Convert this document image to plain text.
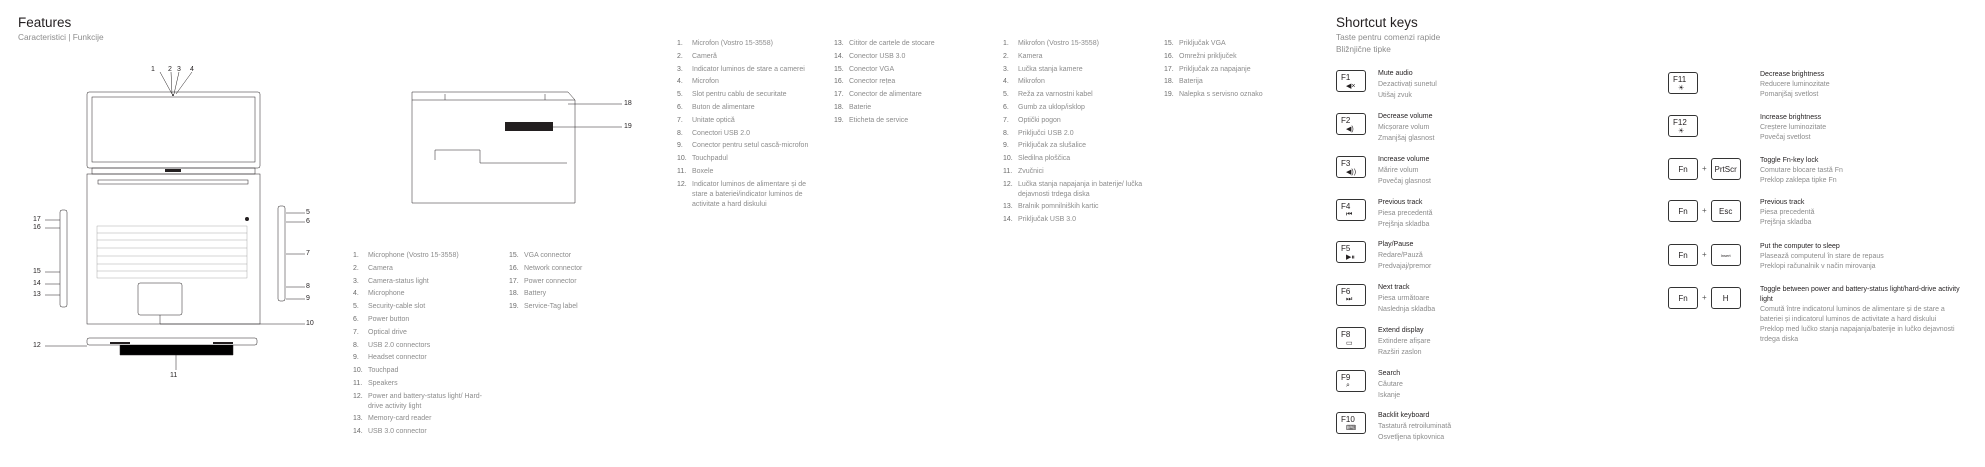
Features
Caracteristici | Funkcije
1 2 3 4
5
6
7
8
9
10
11
12
13
14
15
16
17
18
19
1.	Microphone (Vostro 15-3558)
2.	Camera
3.	Camera-status light
4.	Microphone
5.	Security-cable slot
6.	Power button
7.	Optical drive
8.	USB 2.0 connectors
9.	Headset connector
10. Touchpad
11. Speakers
12. Power and battery-status light/ Hard-drive activity light
13. Memory-card reader
14. USB 3.0 connector
15. VGA connector
16. Network connector
17. Power connector
18. Battery
19. Service-Tag label
1.	Microfon (Vostro 15-3558)
2.	Cameră
3.	Indicator luminos de stare a camerei
4.	Microfon
5.	Slot pentru cablu de securitate
6.	Buton de alimentare
7.	Unitate optică
8.	Conectori USB 2.0
9.	Conector pentru setul cască-microfon
10. Touchpadul
11. Boxele
12. Indicator luminos de alimentare și de stare a bateriei/indicator luminos de activitate a hard diskului
13. Cititor de cartele de stocare
14. Conector USB 3.0
15. Conector VGA
16. Conector rețea
17. Conector de alimentare
18. Baterie
19. Eticheta de service
1.	Mikrofon (Vostro 15-3558)
2.	Kamera
3.	Lučka stanja kamere
4.	Mikrofon
5.	Reža za varnostni kabel
6.	Gumb za uklop/isklop
7.	Optički pogon
8.	Priključci USB 2.0
9.	Priključak za slušalice
10. Sledilna ploščica
11. Zvučnici
12. Lučka stanja napajanja in baterije/ lučka dejavnosti trdega diska
13. Bralnik pomnilniških kartic
14. Priključak USB 3.0
15. Priključak VGA
16. Omrežni priključek
17. Priključak za napajanje
18. Baterija
19. Nalepka s servisno oznako
Shortcut keys
Taste pentru comenzi rapide
Bližnjične tipke
F1
◀×
Mute audio
Dezactivați sunetul
Utišaj zvuk
F2
◀)
Decrease volume
Micșorare volum
Zmanjšaj glasnost
F3
◀))
Increase volume
Mărire volum
Povečaj glasnost
F4
⏮
Previous track
Piesa precedentă
Prejšnja skladba
F5
▶⏸
Play/Pause
Redare/Pauză
Predvajaj/premor
F6
⏭
Next track
Piesa următoare
Naslednja skladba
F8
▭
Extend display
Extindere afișare
Razširi zaslon
F9
⌕
Search
Căutare
Iskanje
F10
⌨
Backlit keyboard
Tastatură retroiluminată
Osvetljena tipkovnica
F11
☀
Decrease brightness
Reducere luminozitate
Pomanjšaj svetlost
F12
☀
Increase brightness
Creștere luminozitate
Povečaj svetlost
Fn + PrtScr
Toggle Fn-key lock
Comutare blocare tastă Fn
Preklop zaklepa tipke Fn
Fn + Esc
Previous track
Piesa precedentă
Prejšnja skladba
Fn +	Insert
Put the computer to sleep
Plasează computerul în stare de repaus
Preklopi računalnik v način mirovanja
Fn + H
Toggle between power and battery-status light/hard-drive activity light
Comută între indicatorul luminos de alimentare și de stare a bateriei și indicatorul luminos de activitate a hard diskului
Preklop med lučko stanja napajanja/baterije in lučko dejavnosti trdega diska
